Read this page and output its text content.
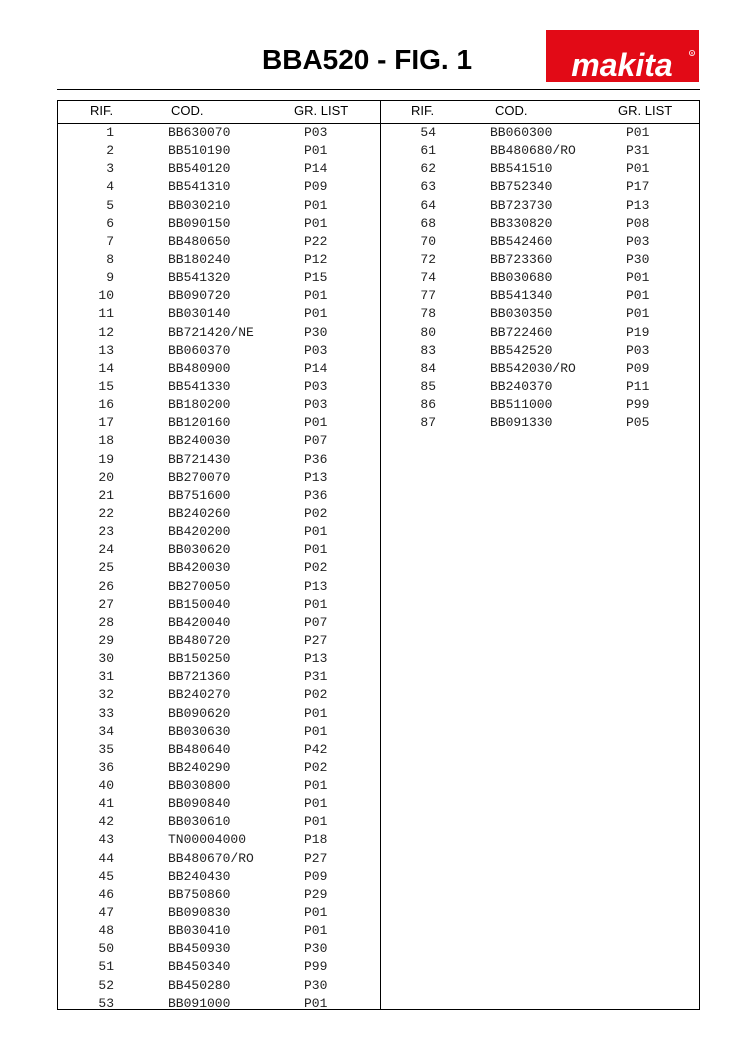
BBA520 - FIG. 1	makita	R
RIF.	COD.	GR. LIST	RIF.	COD.	GR. LIST
1	BB630070	P03
2	BB510190	P01
3	BB540120	P14
4	BB541310	P09
5	BB030210	P01
6	BB090150	P01
7	BB480650	P22
8	BB180240	P12
9	BB541320	P15
10	BB090720	P01
11	BB030140	P01
12	BB721420/NE	P30
13	BB060370	P03
14	BB480900	P14
15	BB541330	P03
16	BB180200	P03
17	BB120160	P01
18	BB240030	P07
19	BB721430	P36
20	BB270070	P13
21	BB751600	P36
22	BB240260	P02
23	BB420200	P01
24	BB030620	P01
25	BB420030	P02
26	BB270050	P13
27	BB150040	P01
28	BB420040	P07
29	BB480720	P27
30	BB150250	P13
31	BB721360	P31
32	BB240270	P02
33	BB090620	P01
34	BB030630	P01
35	BB480640	P42
36	BB240290	P02
40	BB030800	P01
41	BB090840	P01
42	BB030610	P01
43	TN00004000	P18
44	BB480670/RO	P27
45	BB240430	P09
46	BB750860	P29
47	BB090830	P01
48	BB030410	P01
50	BB450930	P30
51	BB450340	P99
52	BB450280	P30
53	BB091000	P01
54	BB060300	P01
61	BB480680/RO	P31
62	BB541510	P01
63	BB752340	P17
64	BB723730	P13
68	BB330820	P08
70	BB542460	P03
72	BB723360	P30
74	BB030680	P01
77	BB541340	P01
78	BB030350	P01
80	BB722460	P19
83	BB542520	P03
84	BB542030/RO	P09
85	BB240370	P11
86	BB511000	P99
87	BB091330	P05
